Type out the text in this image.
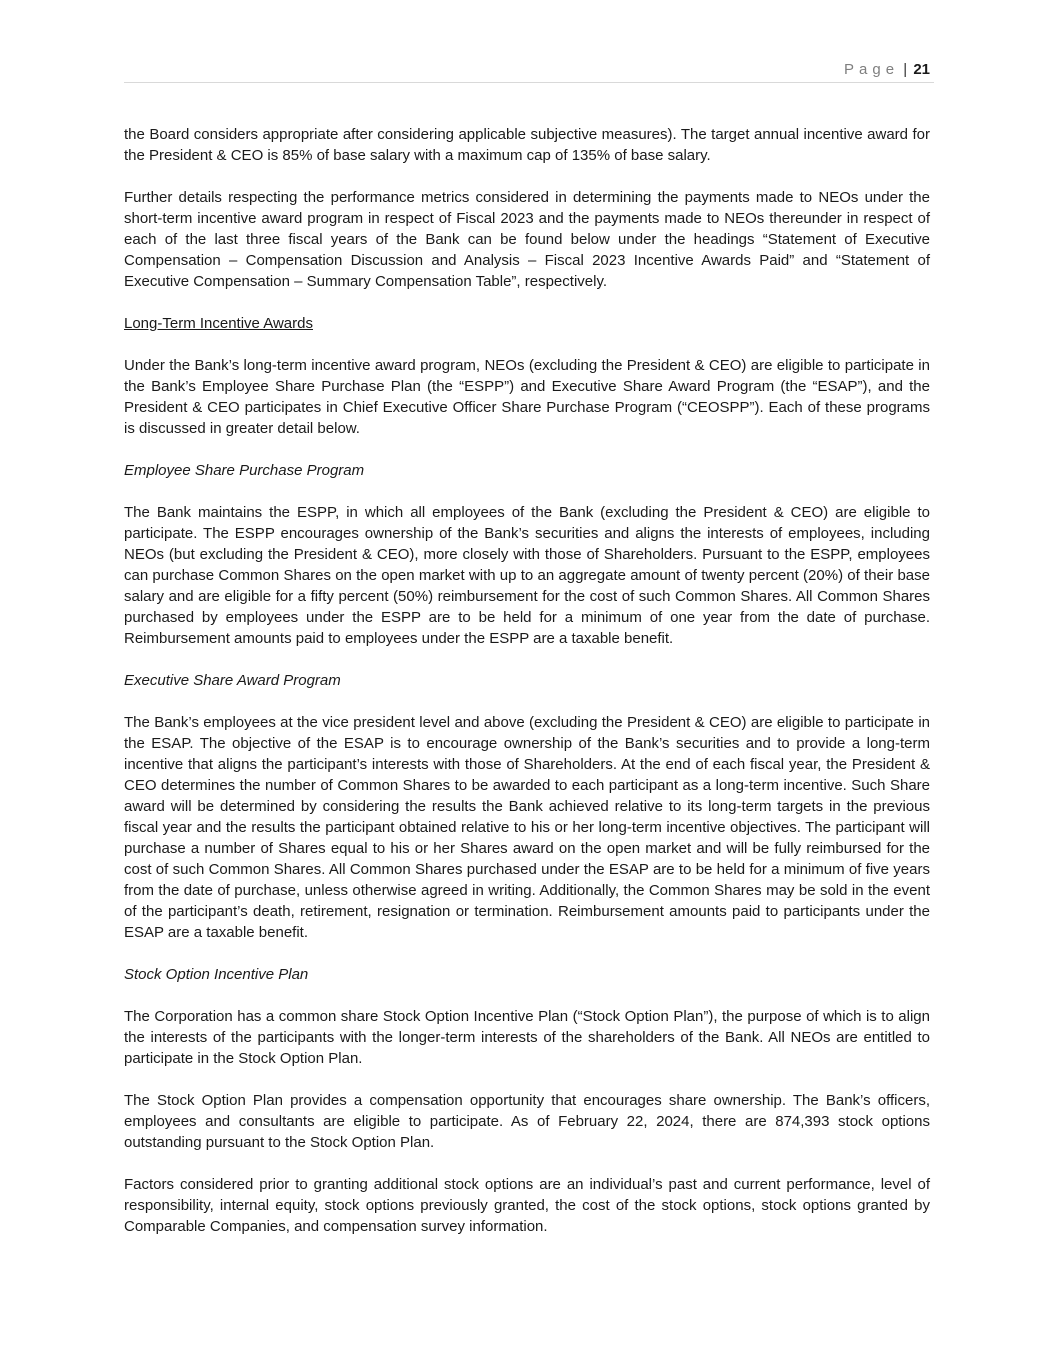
Page | 21

the Board considers appropriate after considering applicable subjective measures). The target annual incentive award for the President & CEO is 85% of base salary with a maximum cap of 135% of base salary.

Further details respecting the performance metrics considered in determining the payments made to NEOs under the short-term incentive award program in respect of Fiscal 2023 and the payments made to NEOs thereunder in respect of each of the last three fiscal years of the Bank can be found below under the headings “Statement of Executive Compensation – Compensation Discussion and Analysis – Fiscal 2023 Incentive Awards Paid” and “Statement of Executive Compensation – Summary Compensation Table”, respectively.

Long-Term Incentive Awards

Under the Bank’s long-term incentive award program, NEOs (excluding the President & CEO) are eligible to participate in the Bank’s Employee Share Purchase Plan (the “ESPP”) and Executive Share Award Program (the “ESAP”), and the President & CEO participates in Chief Executive Officer Share Purchase Program (“CEOSPP”). Each of these programs is discussed in greater detail below.

Employee Share Purchase Program

The Bank maintains the ESPP, in which all employees of the Bank (excluding the President & CEO) are eligible to participate. The ESPP encourages ownership of the Bank’s securities and aligns the interests of employees, including NEOs (but excluding the President & CEO), more closely with those of Shareholders. Pursuant to the ESPP, employees can purchase Common Shares on the open market with up to an aggregate amount of twenty percent (20%) of their base salary and are eligible for a fifty percent (50%) reimbursement for the cost of such Common Shares. All Common Shares purchased by employees under the ESPP are to be held for a minimum of one year from the date of purchase. Reimbursement amounts paid to employees under the ESPP are a taxable benefit.

Executive Share Award Program

The Bank’s employees at the vice president level and above (excluding the President & CEO) are eligible to participate in the ESAP. The objective of the ESAP is to encourage ownership of the Bank’s securities and to provide a long-term incentive that aligns the participant’s interests with those of Shareholders. At the end of each fiscal year, the President & CEO determines the number of Common Shares to be awarded to each participant as a long-term incentive. Such Share award will be determined by considering the results the Bank achieved relative to its long-term targets in the previous fiscal year and the results the participant obtained relative to his or her long-term incentive objectives. The participant will purchase a number of Shares equal to his or her Shares award on the open market and will be fully reimbursed for the cost of such Common Shares. All Common Shares purchased under the ESAP are to be held for a minimum of five years from the date of purchase, unless otherwise agreed in writing. Additionally, the Common Shares may be sold in the event of the participant’s death, retirement, resignation or termination. Reimbursement amounts paid to participants under the ESAP are a taxable benefit.

Stock Option Incentive Plan

The Corporation has a common share Stock Option Incentive Plan (“Stock Option Plan”), the purpose of which is to align the interests of the participants with the longer-term interests of the shareholders of the Bank. All NEOs are entitled to participate in the Stock Option Plan.

The Stock Option Plan provides a compensation opportunity that encourages share ownership. The Bank’s officers, employees and consultants are eligible to participate. As of February 22, 2024, there are 874,393 stock options outstanding pursuant to the Stock Option Plan.

Factors considered prior to granting additional stock options are an individual’s past and current performance, level of responsibility, internal equity, stock options previously granted, the cost of the stock options, stock options granted by Comparable Companies, and compensation survey information.
